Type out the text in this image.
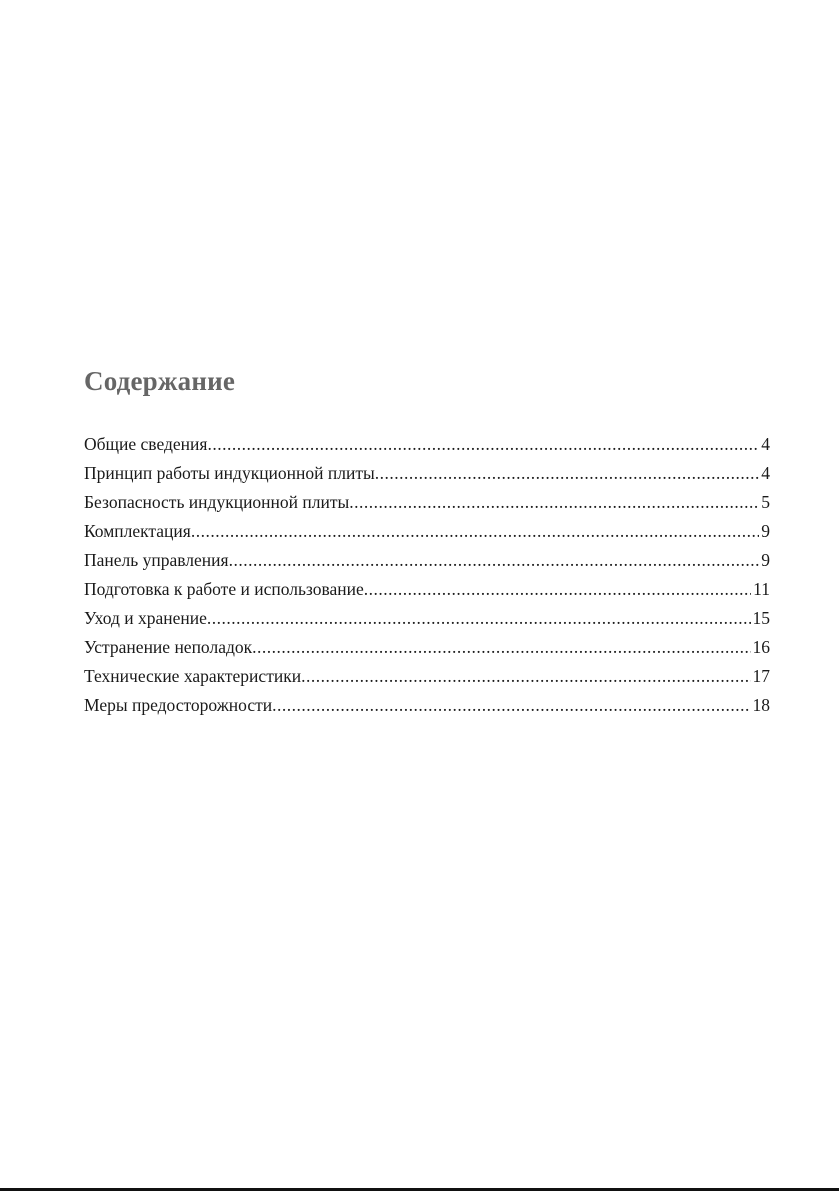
Содержание
Общие сведения .....	4
Принцип работы индукционной плиты .....	4
Безопасность индукционной плиты .....	5
Комплектация .....	9
Панель управления .....	9
Подготовка к работе и использование .....	11
Уход и хранение .....	15
Устранение неполадок .....	16
Технические характеристики .....	17
Меры предосторожности .....	18
